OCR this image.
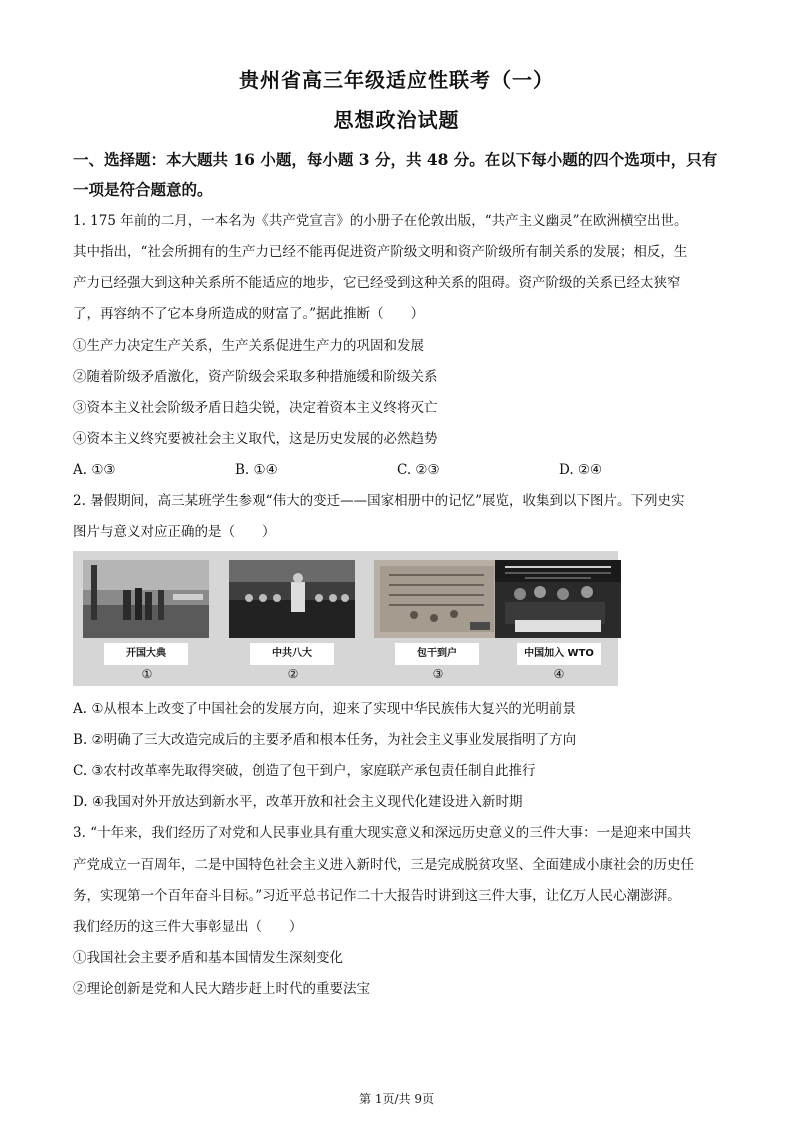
贵州省高三年级适应性联考（一）
思想政治试题
一、选择题：本大题共 16 小题，每小题 3 分，共 48 分。在以下每小题的四个选项中，只有一项是符合题意的。
1. 175 年前的二月，一本名为《共产党宣言》的小册子在伦敦出版，“共产主义幽灵”在欧洲横空出世。
其中指出，“社会所拥有的生产力已经不能再促进资产阶级文明和资产阶级所有制关系的发展；相反，生
产力已经强大到这种关系所不能适应的地步，它已经受到这种关系的阻碍。资产阶级的关系已经太狭窄
了，再容纳不了它本身所造成的财富了。”据此推断（　　）
①生产力决定生产关系，生产关系促进生产力的巩固和发展
②随着阶级矛盾激化，资产阶级会采取多种措施缓和阶级关系
③资本主义社会阶级矛盾日趋尖锐，决定着资本主义终将灭亡
④资本主义终究要被社会主义取代，这是历史发展的必然趋势
A. ①③	B. ①④	C. ②③	D. ②④
2. 暑假期间，高三某班学生参观“伟大的变迁——国家相册中的记忆”展览，收集到以下图片。下列史实
图片与意义对应正确的是（　　）
开国大典
①
中共八大
②
包干到户
③
中国加入 WTO
④
A. ①从根本上改变了中国社会的发展方向，迎来了实现中华民族伟大复兴的光明前景
B. ②明确了三大改造完成后的主要矛盾和根本任务，为社会主义事业发展指明了方向
C. ③农村改革率先取得突破，创造了包干到户，家庭联产承包责任制自此推行
D. ④我国对外开放达到新水平，改革开放和社会主义现代化建设进入新时期
3. “十年来，我们经历了对党和人民事业具有重大现实意义和深远历史意义的三件大事：一是迎来中国共
产党成立一百周年，二是中国特色社会主义进入新时代，三是完成脱贫攻坚、全面建成小康社会的历史任
务，实现第一个百年奋斗目标。”习近平总书记作二十大报告时讲到这三件大事，让亿万人民心潮澎湃。
我们经历的这三件大事彰显出（　　）
①我国社会主要矛盾和基本国情发生深刻变化
②理论创新是党和人民大踏步赶上时代的重要法宝
第 1页/共 9页
